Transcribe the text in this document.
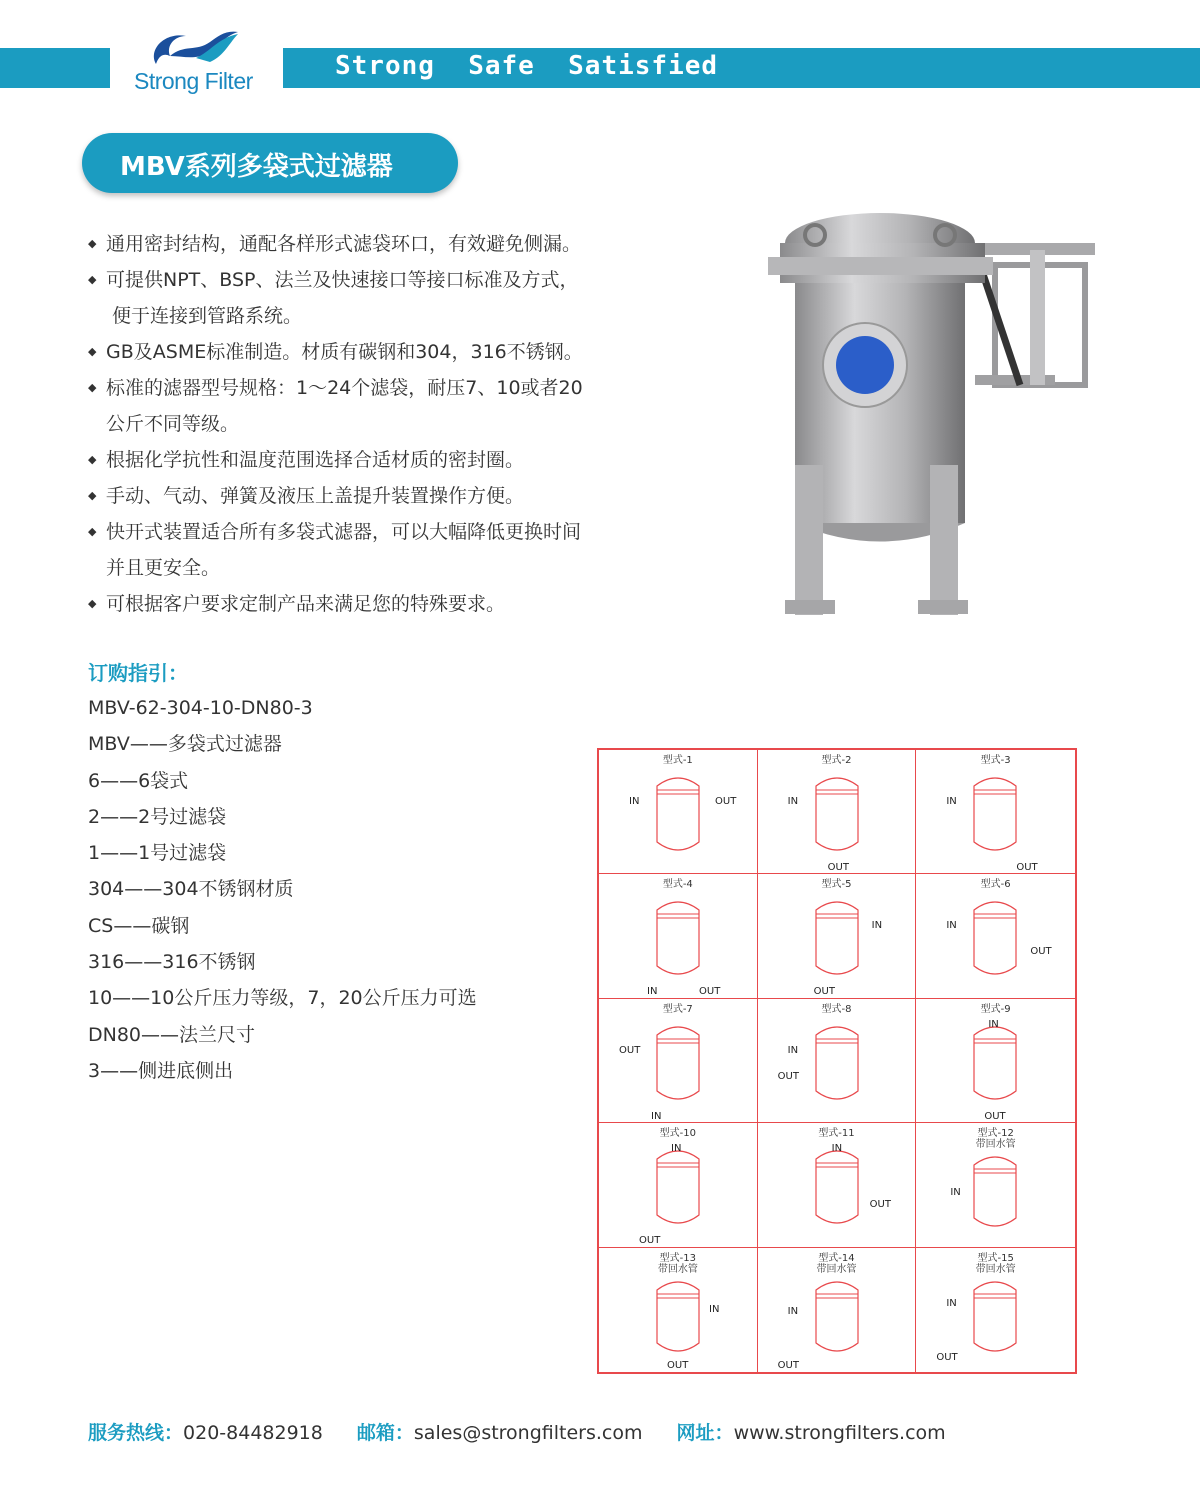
Strong  Safe  Satisfied
Strong Filter
MBV系列多袋式过滤器
◆ 通用密封结构，通配各样形式滤袋环口，有效避免侧漏。
◆ 可提供NPT、BSP、法兰及快速接口等接口标准及方式，
便于连接到管路系统。
◆ GB及ASME标准制造。材质有碳钢和304，316不锈钢。
◆ 标准的滤器型号规格：1～24个滤袋，耐压7、10或者20
公斤不同等级。
◆ 根据化学抗性和温度范围选择合适材质的密封圈。
◆ 手动、气动、弹簧及液压上盖提升装置操作方便。
◆ 快开式装置适合所有多袋式滤器，可以大幅降低更换时间
并且更安全。
◆ 可根据客户要求定制产品来满足您的特殊要求。
订购指引：
MBV-62-304-10-DN80-3
MBV——多袋式过滤器
6——6袋式
2——2号过滤袋
1——1号过滤袋
304——304不锈钢材质
CS——碳钢
316——316不锈钢
10——10公斤压力等级，7，20公斤压力可选
DN80——法兰尺寸
3——侧进底侧出
型式-1
IN	OUT
型式-2
IN
OUT
型式-3
IN
OUT
型式-4
IN	OUT
型式-5
OUT
IN
型式-6
IN
OUT
型式-7
OUT
IN
型式-8
IN
OUT
型式-9
IN
OUT
型式-10
IN
OUT
型式-11
IN
OUT
型式-12
带回水管
IN
型式-13
带回水管
IN
OUT
型式-14
带回水管
IN
OUT
型式-15
带回水管
IN
OUT
服务热线：020-84482918 邮箱：sales@strongfilters.com 网址：www.strongfilters.com
